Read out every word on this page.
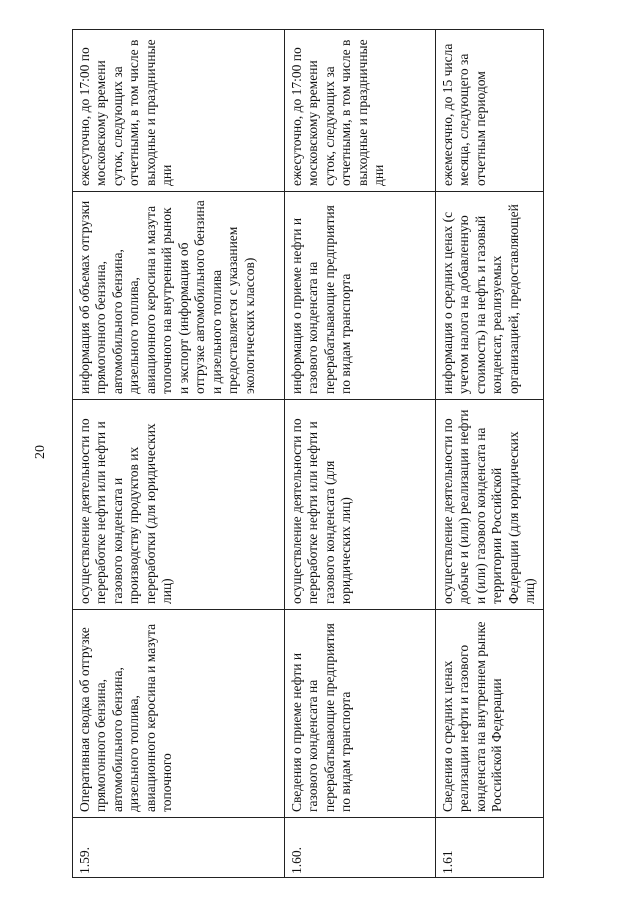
20
1.59.	Оперативная сводка об отгрузке прямогонного бензина, автомобильного бензина, дизельного топлива, авиационного керосина и мазута топочного	осуществление деятельности по переработке нефти или нефти и газового конденсата и производству продуктов их переработки (для юридических лиц)	информация об объемах отгрузки прямогонного бензина, автомобильного бензина, дизельного топлива, авиационного керосина и мазута топочного на внутренний рынок и экспорт (информация об отгрузке автомобильного бензина и дизельного топлива предоставляется с указанием экологических классов)	ежесуточно, до 17:00 по московскому времени суток, следующих за отчетными, в том числе в выходные и праздничные дни
1.60.	Сведения о приеме нефти и газового конденсата на перерабатывающие предприятия по видам транспорта	осуществление деятельности по переработке нефти или нефти и газового конденсата (для юридических лиц)	информация о приеме нефти и газового конденсата на перерабатывающие предприятия по видам транспорта	ежесуточно, до 17:00 по московскому времени суток, следующих за отчетными, в том числе в выходные и праздничные дни
1.61	Сведения о средних ценах реализации нефти и газового конденсата на внутреннем рынке Российской Федерации	осуществление деятельности по добыче и (или) реализации нефти и (или) газового конденсата на территории Российской Федерации (для юридических лиц)	информация о средних ценах (с учетом налога на добавленную стоимость) на нефть и газовый конденсат, реализуемых организацией, предоставляющей	ежемесячно, до 15 числа месяца, следующего за отчетным периодом
